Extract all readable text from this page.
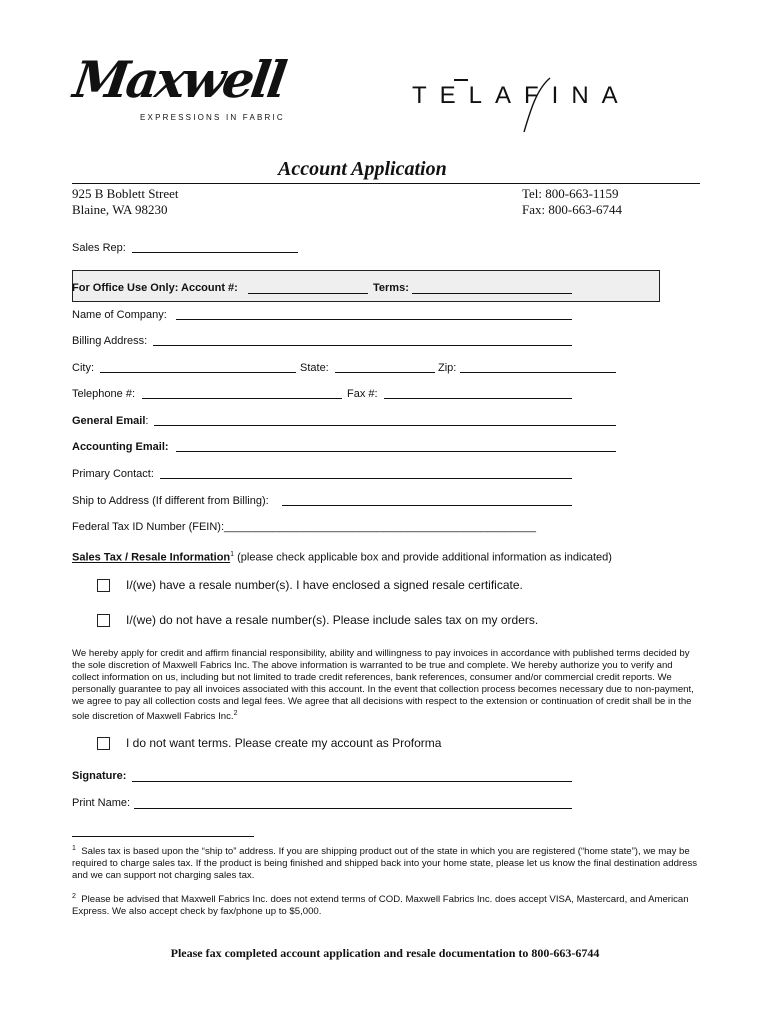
Maxwell
EXPRESSIONS IN FABRIC
TELAFINA
Account Application
925 B Boblett Street
Blaine, WA 98230
Tel: 800-663-1159
Fax: 800-663-6744
Sales Rep:
For Office Use Only: Account #:	Terms:
Name of Company:
Billing Address:
City:	State:	Zip:
Telephone #:	Fax #:
General Email:
Accounting Email:
Primary Contact:
Ship to Address (If different from Billing):
Federal Tax ID Number (FEIN):___________________________________________________
Sales Tax / Resale Information$^1$ (please check applicable box and provide additional information as indicated)
I/(we) have a resale number(s). I have enclosed a signed resale certificate.
I/(we) do not have a resale number(s). Please include sales tax on my orders.
We hereby apply for credit and affirm financial responsibility, ability and willingness to pay invoices in accordance with published terms decided by the sole discretion of Maxwell Fabrics Inc. The above information is warranted to be true and complete. We hereby authorize you to verify and collect information on us, including but not limited to trade credit references, bank references, consumer and/or commercial credit reports. We personally guarantee to pay all invoices associated with this account. In the event that collection process becomes necessary due to non-payment, we agree to pay all collection costs and legal fees. We agree that all decisions with respect to the extension or continuation of credit shall be in the sole discretion of Maxwell Fabrics Inc.$^2$
I do not want terms. Please create my account as Proforma
Signature:
Print Name:
$^1$ Sales tax is based upon the “ship to” address. If you are shipping product out of the state in which you are registered (“home state”), we may be required to charge sales tax. If the product is being finished and shipped back into your home state, please let us know the final destination address and we can support not charging sales tax.
$^2$ Please be advised that Maxwell Fabrics Inc. does not extend terms of COD. Maxwell Fabrics Inc. does accept VISA, Mastercard, and American Express. We also accept check by fax/phone up to $5,000.
Please fax completed account application and resale documentation to 800-663-6744
